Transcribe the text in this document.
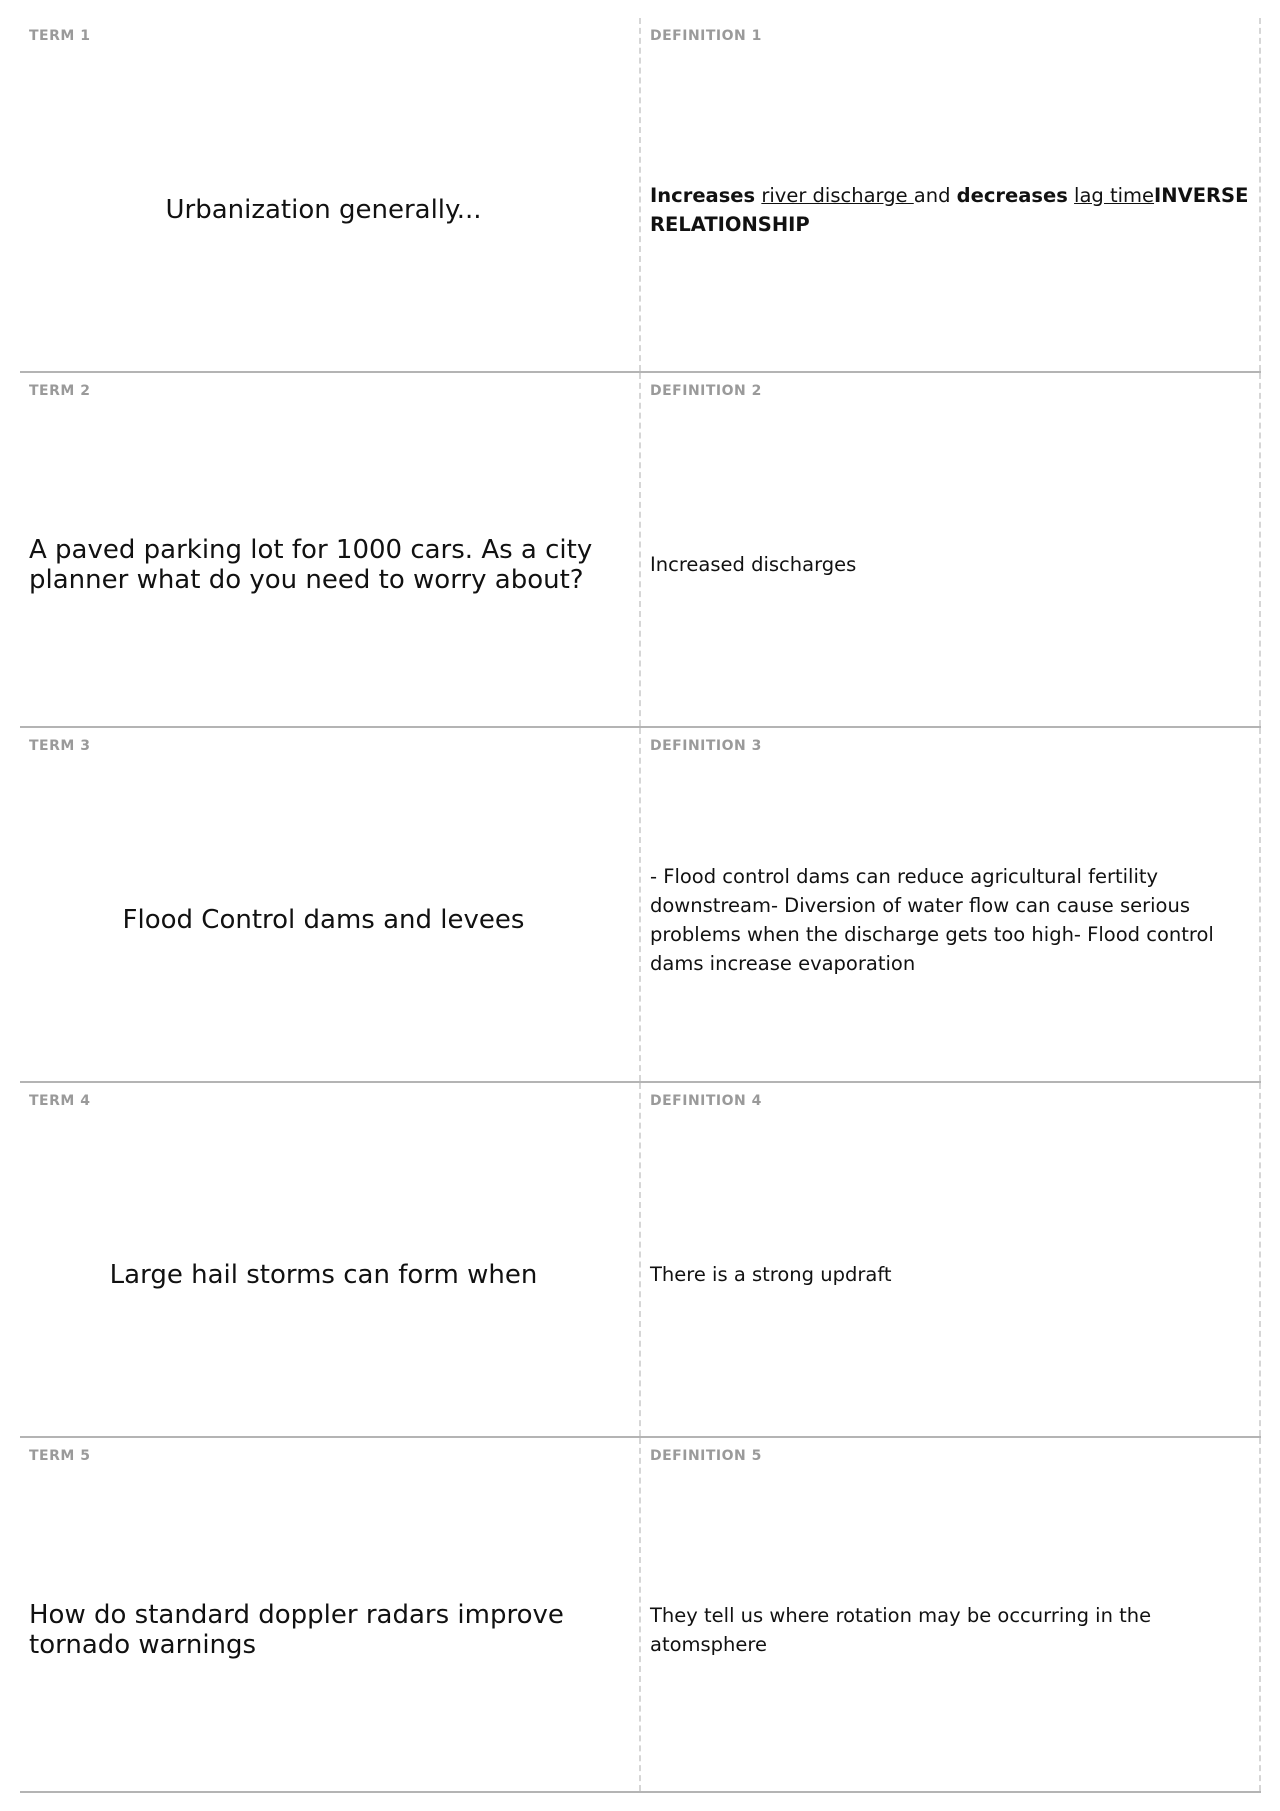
TERM 1
Urbanization generally...
DEFINITION 1
Increases river discharge and decreases lag timeINVERSE RELATIONSHIP
TERM 2
A paved parking lot for 1000 cars. As a city planner what do you need to worry about?
DEFINITION 2
Increased discharges
TERM 3
Flood Control dams and levees
DEFINITION 3
- Flood control dams can reduce agricultural fertility downstream- Diversion of water flow can cause serious problems when the discharge gets too high- Flood control dams increase evaporation
TERM 4
Large hail storms can form when
DEFINITION 4
There is a strong updraft
TERM 5
How do standard doppler radars improve tornado warnings
DEFINITION 5
They tell us where rotation may be occurring in the atomsphere
